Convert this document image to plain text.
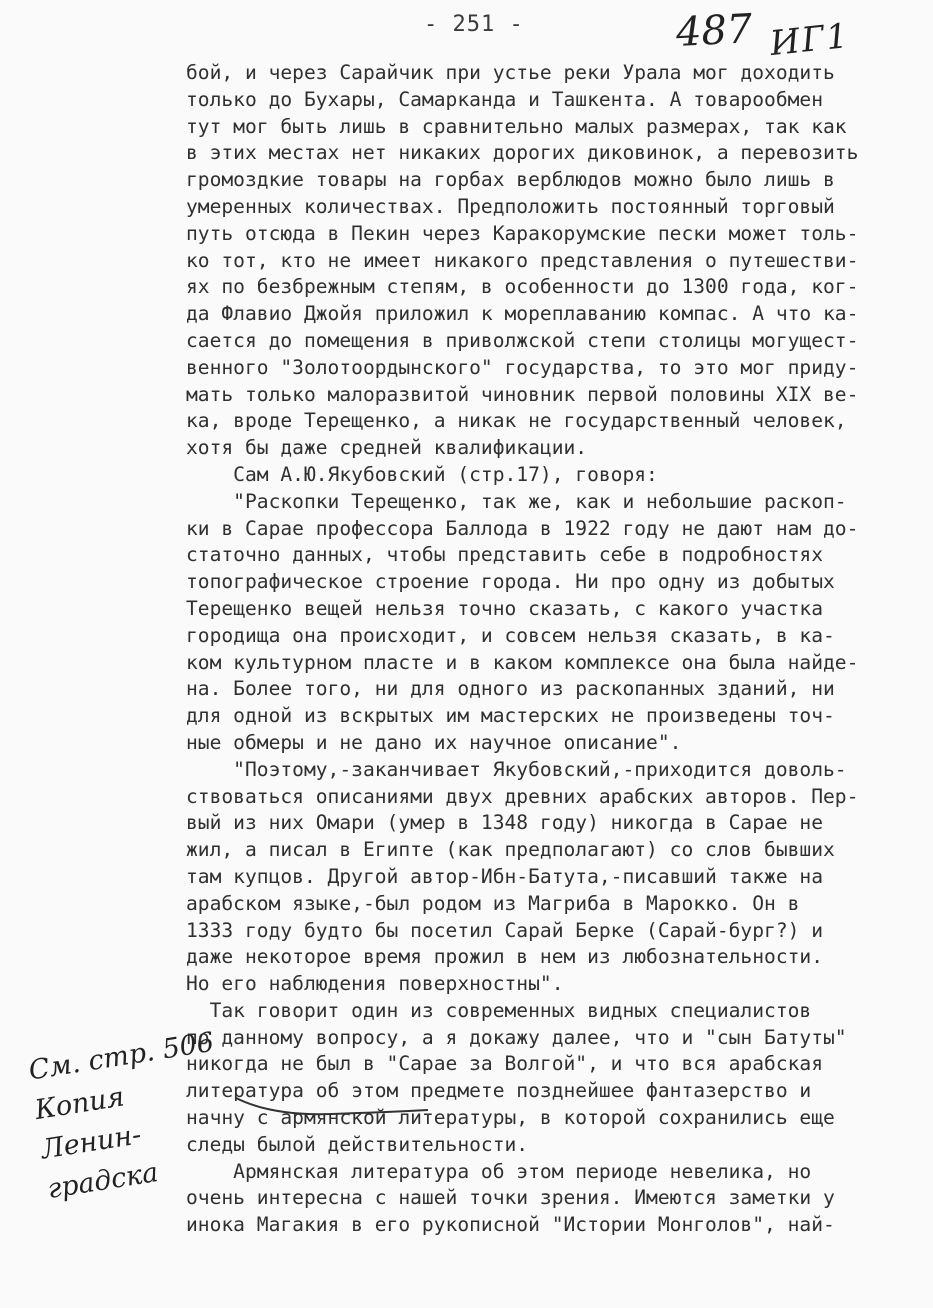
- 251 -	487 ИГ1
См. стр. 506
Копия
Ленин-
градска
бой, и через Сарайчик при устье реки Урала мог доходить
только до Бухары, Самарканда и Ташкента. А товарообмен
тут мог быть лишь в сравнительно малых размерах, так как
в этих местах нет никаких дорогих диковинок, а перевозить
громоздкие товары на горбах верблюдов можно было лишь в
умеренных количествах. Предположить постоянный торговый
путь отсюда в Пекин через Каракорумские пески может толь-
ко тот, кто не имеет никакого представления о путешестви-
ях по безбрежным степям, в особенности до 1300 года, ког-
да Флавио Джойя приложил к мореплаванию компас. А что ка-
сается до помещения в приволжской степи столицы могущест-
венного "Золотоордынского" государства, то это мог приду-
мать только малоразвитой чиновник первой половины XIX ве-
ка, вроде Терещенко, а никак не государственный человек,
хотя бы даже средней квалификации.
Сам А.Ю.Якубовский (стр.17), говоря:
"Раскопки Терещенко, так же, как и небольшие раскоп-
ки в Сарае профессора Баллода в 1922 году не дают нам до-
статочно данных, чтобы представить себе в подробностях
топографическое строение города. Ни про одну из добытых
Терещенко вещей нельзя точно сказать, с какого участка
городища она происходит, и совсем нельзя сказать, в ка-
ком культурном пласте и в каком комплексе она была найде-
на. Более того, ни для одного из раскопанных зданий, ни
для одной из вскрытых им мастерских не произведены точ-
ные обмеры и не дано их научное описание".
"Поэтому,-заканчивает Якубовский,-приходится доволь-
ствоваться описаниями двух древних арабских авторов. Пер-
вый из них Омари (умер в 1348 году) никогда в Сарае не
жил, а писал в Египте (как предполагают) со слов бывших
там купцов. Другой автор-Ибн-Батута,-писавший также на
арабском языке,-был родом из Магриба в Марокко. Он в
1333 году будто бы посетил Сарай Берке (Сарай-бург?) и
даже некоторое время прожил в нем из любознательности.
Но его наблюдения поверхностны".
Так говорит один из современных видных специалистов
по данному вопросу, а я докажу далее, что и "сын Батуты"
никогда не был в "Сарае за Волгой", и что вся арабская
литература об этом предмете позднейшее фантазерство и
начну с армянской литературы, в которой сохранились еще
следы былой действительности.
Армянская литература об этом периоде невелика, но
очень интересна с нашей точки зрения. Имеются заметки у
инока Магакия в его рукописной "Истории Монголов", най-
